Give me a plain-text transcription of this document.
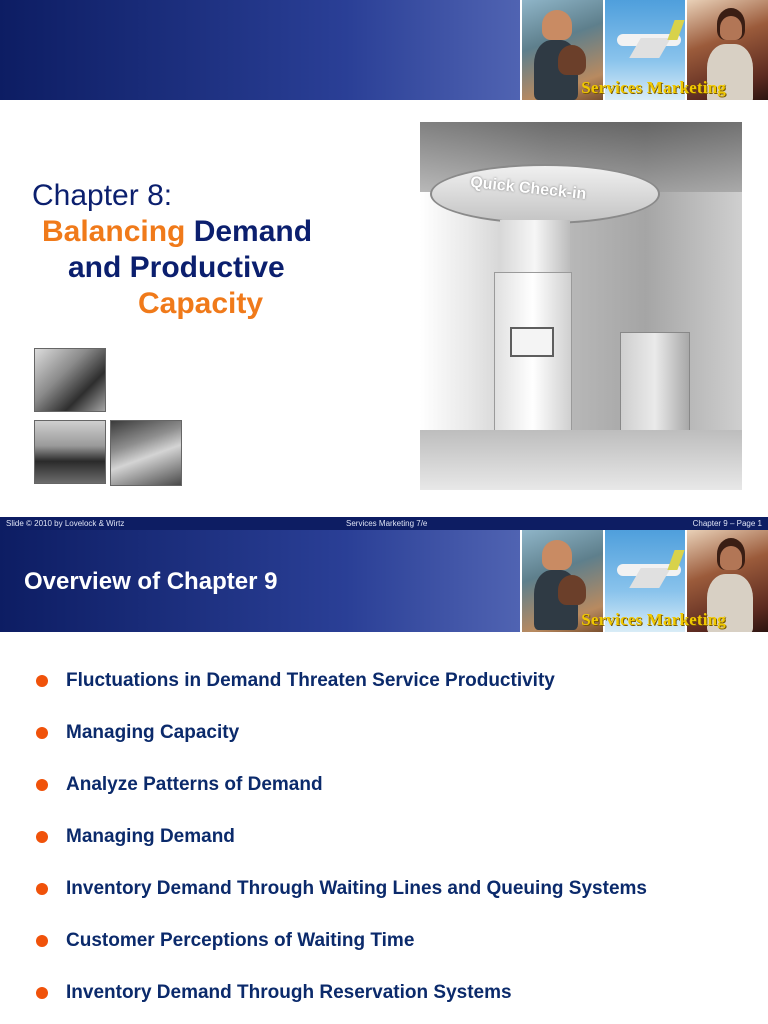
Services Marketing
Chapter 8:
Balancing Demand
and Productive
Capacity
Quick Check-in
Slide © 2010 by Lovelock & Wirtz	Services Marketing 7/e	Chapter 9 – Page 1
Services Marketing
Overview of Chapter 9
Fluctuations in Demand Threaten Service Productivity
Managing Capacity
Analyze Patterns of Demand
Managing Demand
Inventory Demand Through Waiting Lines and Queuing Systems
Customer Perceptions of Waiting Time
Inventory Demand Through Reservation Systems
